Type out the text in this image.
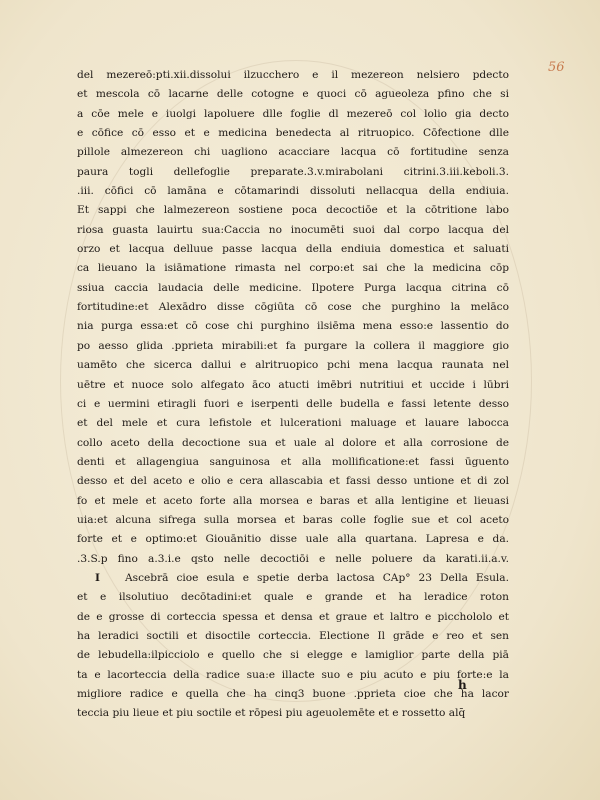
56
del mezereō:pti.xii.dissolui ilzucchero e il mezereon nelsiero pdecto
et mescola cō lacarne delle cotogne e quoci cō agueoleza pfino che si
a cōe mele e iuolgi lapoluere dlle foglie dl mezereō col lolio gia decto
e cōfice cō esso et e medicina benedecta al ritruopico. Cōfectione dlle
pillole almezereon chi uagliono acacciare lacqua cō fortitudine senza
paura togli dellefoglie preparate.3.v.mirabolani citrini.3.iii.keboli.3.
.iii. cōfici cō lamāna e cōtamarindi dissoluti nellacqua della endiuia.
Et sappi che lalmezereon sostiene poca decoctiōe et la cōtritione labo
riosa guasta lauirtu sua:Caccia no inocumēti suoi dal corpo lacqua del
orzo et lacqua delluue passe lacqua della endiuia domestica et saluati
ca lieuano la isiāmatione rimasta nel corpo:et sai che la medicina cōp
ssiua caccia laudacia delle medicine. Ilpotere Purga lacqua citrina cō
fortitudine:et Alexādro disse cōgiūta cō cose che purghino la melāco
nia purga essa:et cō cose chi purghino ilsiēma mena esso:e lassentio do
po aesso glida .pprieta mirabili:et fa purgare la collera il maggiore gio
uamēto che sicerca dallui e alritruopico pchi mena lacqua raunata nel
uētre et nuoce solo alfegato āco atucti imēbri nutritiui et uccide i lūbri
ci e uermini etiragli fuori e iserpenti delle budella e fassi letente desso
et del mele et cura lefistole et lulcerationi maluage et lauare labocca
collo aceto della decoctione sua et uale al dolore et alla corrosione de
denti et allagengiua sanguinosa et alla mollificatione:et fassi ūguento
desso et del aceto e olio e cera allascabia et fassi desso untione et di zol
fo et mele et aceto forte alla morsea e baras et alla lentigine et lieuasi
uia:et alcuna sifrega sulla morsea et baras colle foglie sue et col aceto
forte et e optimo:et Giouānitio disse uale alla quartana. Lapresa e da.
.3.S.p fino a.3.i.e qsto nelle decoctiōi e nelle poluere da karati.ii.a.v.
I Ascebrā cioe esula e spetie derba lactosa CAp° 23 Della Esula.
et e ilsolutiuo decōtadini:et quale e grande et ha leradice roton
de e grosse di corteccia spessa et densa et graue et laltro e picchololo et
ha leradici soctili et disoctile corteccia. Electione Il grāde e reo et sen
de lebudella:ilpicciolo e quello che si elegge e lamiglior parte della piā
ta e lacorteccia della radice sua:e illacte suo e piu acuto e piu forte:e la
migliore radice e quella che ha cinq3 buone .pprieta cioe che ha lacor
teccia piu lieue et piu soctile et rōpesi piu ageuolemēte et e rossetto alq̄
h
